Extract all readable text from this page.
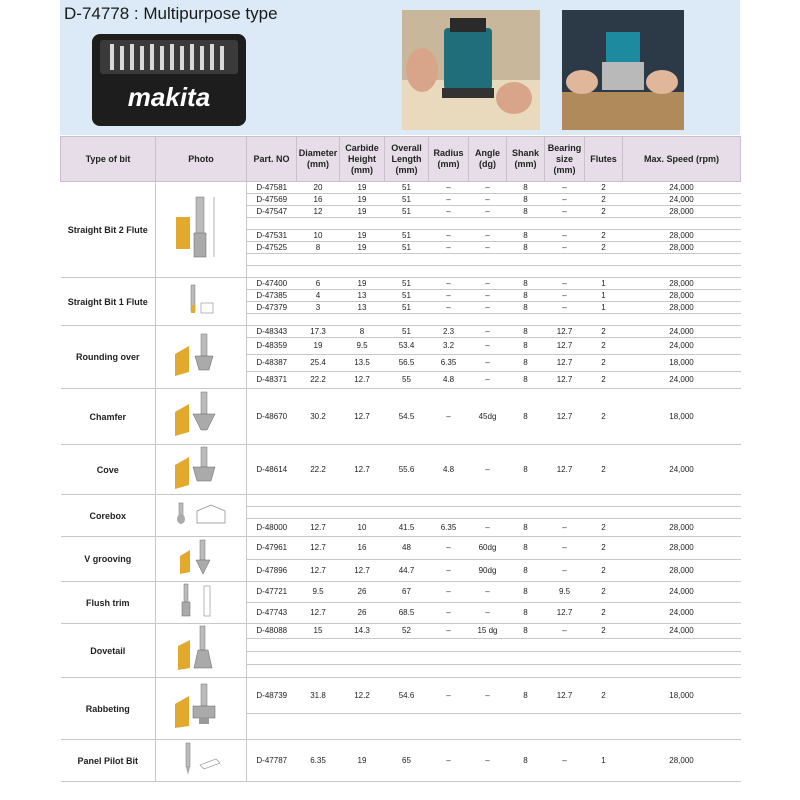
D-74778 : Multipurpose type
makita
Type of bit	Photo	Part. NO	Diameter (mm)	Carbide Height (mm)	Overall Length (mm)	Radius (mm)	Angle (dg)	Shank (mm)	Bearing size (mm)	Flutes	Max. Speed (rpm)
Straight Bit 2 Flute		D-47581	20	19	51	–	–	8	–	2	24,000
		D-47569	16	19	51	–	–	8	–	2	24,000
		D-47547	12	19	51	–	–	8	–	2	28,000

		D-47531	10	19	51	–	–	8	–	2	28,000
		D-47525	8	19	51	–	–	8	–	2	28,000

Straight Bit 1 Flute		D-47400	6	19	51	–	–	8	–	1	28,000
		D-47385	4	13	51	–	–	8	–	1	28,000
		D-47379	3	13	51	–	–	8	–	1	28,000

Rounding over		D-48343	17.3	8	51	2.3	–	8	12.7	2	24,000
		D-48359	19	9.5	53.4	3.2	–	8	12.7	2	24,000
		D-48387	25.4	13.5	56.5	6.35	–	8	12.7	2	18,000
		D-48371	22.2	12.7	55	4.8	–	8	12.7	2	24,000
Chamfer		D-48670	30.2	12.7	54.5	–	45dg	8	12.7	2	18,000
Cove		D-48614	22.2	12.7	55.6	4.8	–	8	12.7	2	24,000
Corebox											

		D-48000	12.7	10	41.5	6.35	–	8	–	2	28,000
V grooving		D-47961	12.7	16	48	–	60dg	8	–	2	28,000
		D-47896	12.7	12.7	44.7	–	90dg	8	–	2	28,000
Flush trim		D-47721	9.5	26	67	–	–	8	9.5	2	24,000
		D-47743	12.7	26	68.5	–	–	8	12.7	2	24,000
Dovetail		D-48088	15	14.3	52	–	15 dg	8	–	2	24,000

Rabbeting		D-48739	31.8	12.2	54.6	–	–	8	12.7	2	18,000

Panel Pilot Bit		D-47787	6.35	19	65	–	–	8	–	1	28,000
